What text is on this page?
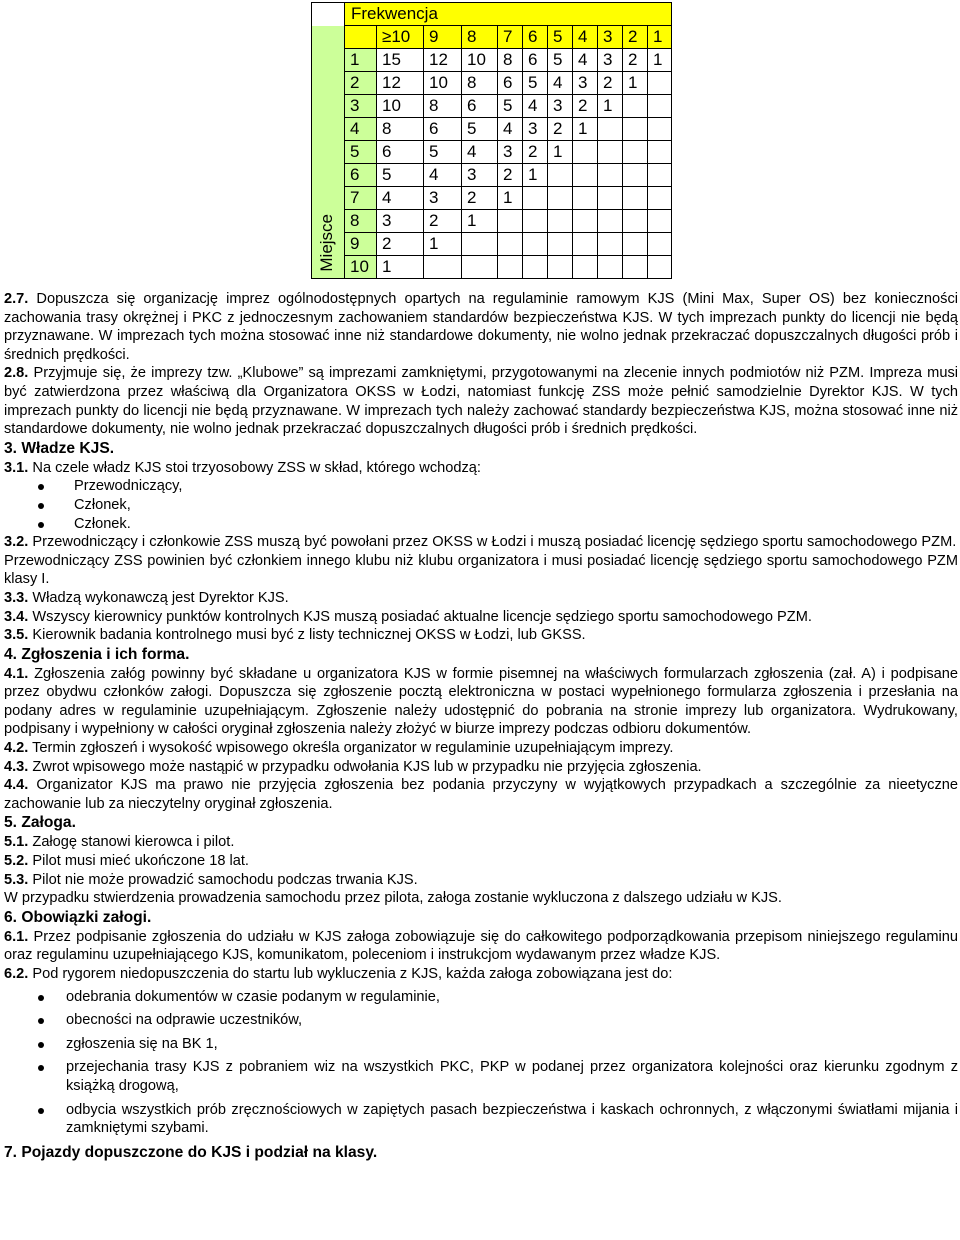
	Frekwencja										

Miejsce		≥10	9	8	7	6	5	4	3	2	1
	1	15	12	10	8	6	5	4	3	2	1
	2	12	10	8	6	5	4	3	2	1	
	3	10	8	6	5	4	3	2	1		
	4	8	6	5	4	3	2	1			
	5	6	5	4	3	2	1				
	6	5	4	3	2	1					
	7	4	3	2	1						
	8	3	2	1							
	9	2	1								
	10	1									

2.7. Dopuszcza się organizację imprez ogólnodostępnych opartych na regulaminie ramowym KJS (Mini Max, Super OS) bez konieczności zachowania trasy okrężnej i PKC z jednoczesnym zachowaniem standardów bezpieczeństwa KJS. W tych imprezach punkty do licencji nie będą przyznawane. W imprezach tych można stosować inne niż standardowe dokumenty, nie wolno jednak przekraczać dopuszczalnych długości prób i średnich prędkości.

2.8. Przyjmuje się, że imprezy tzw. „Klubowe” są imprezami zamkniętymi, przygotowanymi na zlecenie innych podmiotów niż PZM. Impreza musi być zatwierdzona przez właściwą dla Organizatora OKSS w Łodzi, natomiast funkcję ZSS może pełnić samodzielnie Dyrektor KJS. W tych imprezach punkty do licencji nie będą przyznawane. W imprezach tych należy zachować standardy bezpieczeństwa KJS, można stosować inne niż standardowe dokumenty, nie wolno jednak przekraczać dopuszczalnych długości prób i średnich prędkości.

3. Władze KJS.

3.1. Na czele władz KJS stoi trzyosobowy ZSS w skład, którego wchodzą:

Przewodniczący,
Członek,
Członek.

3.2. Przewodniczący i członkowie ZSS muszą być powołani przez OKSS w Łodzi i muszą posiadać licencję sędziego sportu samochodowego PZM.

Przewodniczący ZSS powinien być członkiem innego klubu niż klubu organizatora i musi posiadać licencję sędziego sportu samochodowego PZM klasy I.

3.3. Władzą wykonawczą jest Dyrektor KJS.

3.4. Wszyscy kierownicy punktów kontrolnych KJS muszą posiadać aktualne licencje sędziego sportu samochodowego PZM.

3.5. Kierownik badania kontrolnego musi być z listy technicznej OKSS w Łodzi, lub GKSS.

4. Zgłoszenia i ich forma.

4.1. Zgłoszenia załóg powinny być składane u organizatora KJS w formie pisemnej na właściwych formularzach zgłoszenia (zał. A) i podpisane przez obydwu członków załogi. Dopuszcza się zgłoszenie pocztą elektroniczna w postaci wypełnionego formularza zgłoszenia i przesłania na podany adres w regulaminie uzupełniającym. Zgłoszenie należy udostępnić do pobrania na stronie imprezy lub organizatora. Wydrukowany, podpisany i wypełniony w całości oryginał zgłoszenia należy złożyć w biurze imprezy podczas odbioru dokumentów.

4.2. Termin zgłoszeń i wysokość wpisowego określa organizator w regulaminie uzupełniającym imprezy.

4.3. Zwrot wpisowego może nastąpić w przypadku odwołania KJS lub w przypadku nie przyjęcia zgłoszenia.

4.4. Organizator KJS ma prawo nie przyjęcia zgłoszenia bez podania przyczyny w wyjątkowych przypadkach a szczególnie za nieetyczne zachowanie lub za nieczytelny oryginał zgłoszenia.

5. Załoga.

5.1. Załogę stanowi kierowca i pilot.

5.2. Pilot musi mieć ukończone 18 lat.

5.3. Pilot nie może prowadzić samochodu podczas trwania KJS.

W przypadku stwierdzenia prowadzenia samochodu przez pilota, załoga zostanie wykluczona z dalszego udziału w KJS.

6. Obowiązki załogi.

6.1. Przez podpisanie zgłoszenia do udziału w KJS załoga zobowiązuje się do całkowitego podporządkowania przepisom niniejszego regulaminu oraz regulaminu uzupełniającego KJS, komunikatom, poleceniom i instrukcjom wydawanym przez władze KJS.

6.2. Pod rygorem niedopuszczenia do startu lub wykluczenia z KJS, każda załoga zobowiązana jest do:

odebrania dokumentów w czasie podanym w regulaminie,
obecności na odprawie uczestników,
zgłoszenia się na BK 1,
przejechania trasy KJS z pobraniem wiz na wszystkich PKC, PKP w podanej przez organizatora kolejności oraz kierunku zgodnym z książką drogową,
odbycia wszystkich prób zręcznościowych w zapiętych pasach bezpieczeństwa i kaskach ochronnych, z włączonymi światłami mijania i zamkniętymi szybami.

7. Pojazdy dopuszczone do KJS i podział na klasy.
